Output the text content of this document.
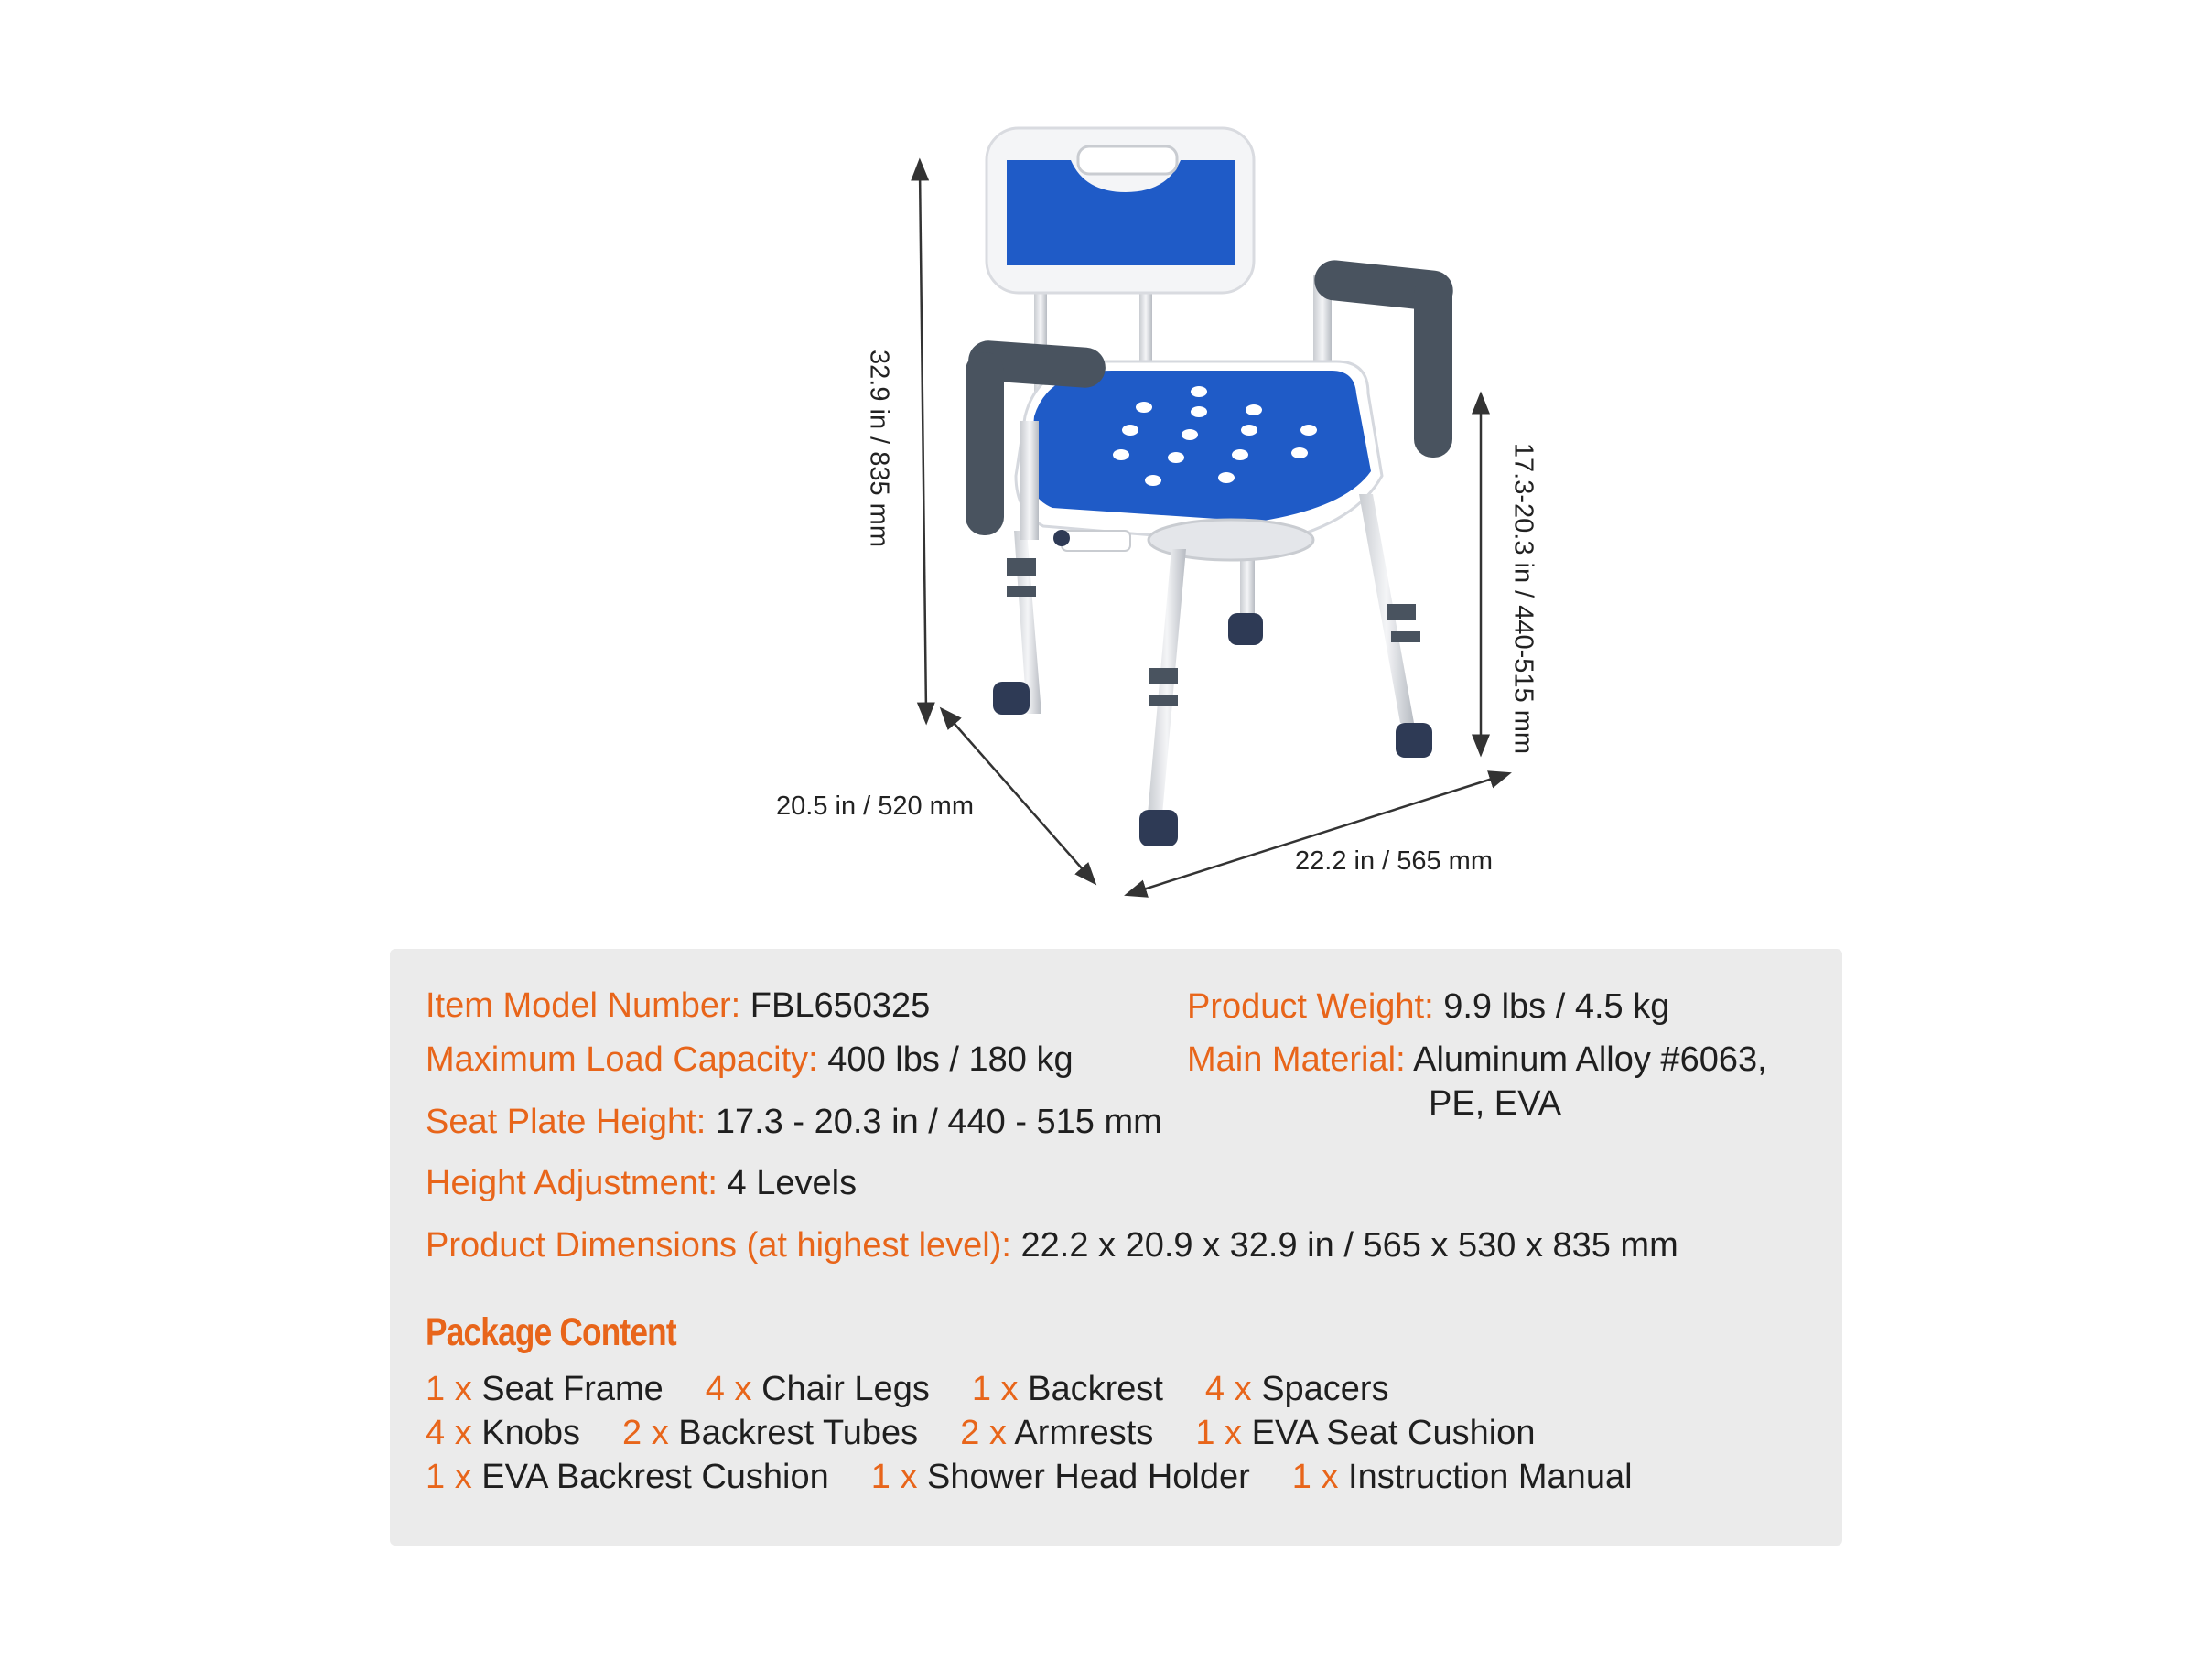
32.9 in / 835 mm	17.3-20.3 in / 440-515 mm
20.5 in / 520 mm
22.2 in / 565 mm
Item Model Number: FBL650325
Maximum Load Capacity: 400 lbs / 180 kg
Seat Plate Height: 17.3 - 20.3 in / 440 - 515 mm
Height Adjustment: 4 Levels
Product Dimensions (at highest level): 22.2 x 20.9 x 32.9 in / 565 x 530 x 835 mm
Product Weight: 9.9 lbs / 4.5 kg
Main Material: Aluminum Alloy #6063,
PE, EVA
Package Content
1 x Seat Frame 4 x Chair Legs 1 x Backrest 4 x Spacers
4 x Knobs 2 x Backrest Tubes 2 x Armrests 1 x EVA Seat Cushion
1 x EVA Backrest Cushion 1 x Shower Head Holder 1 x Instruction Manual
